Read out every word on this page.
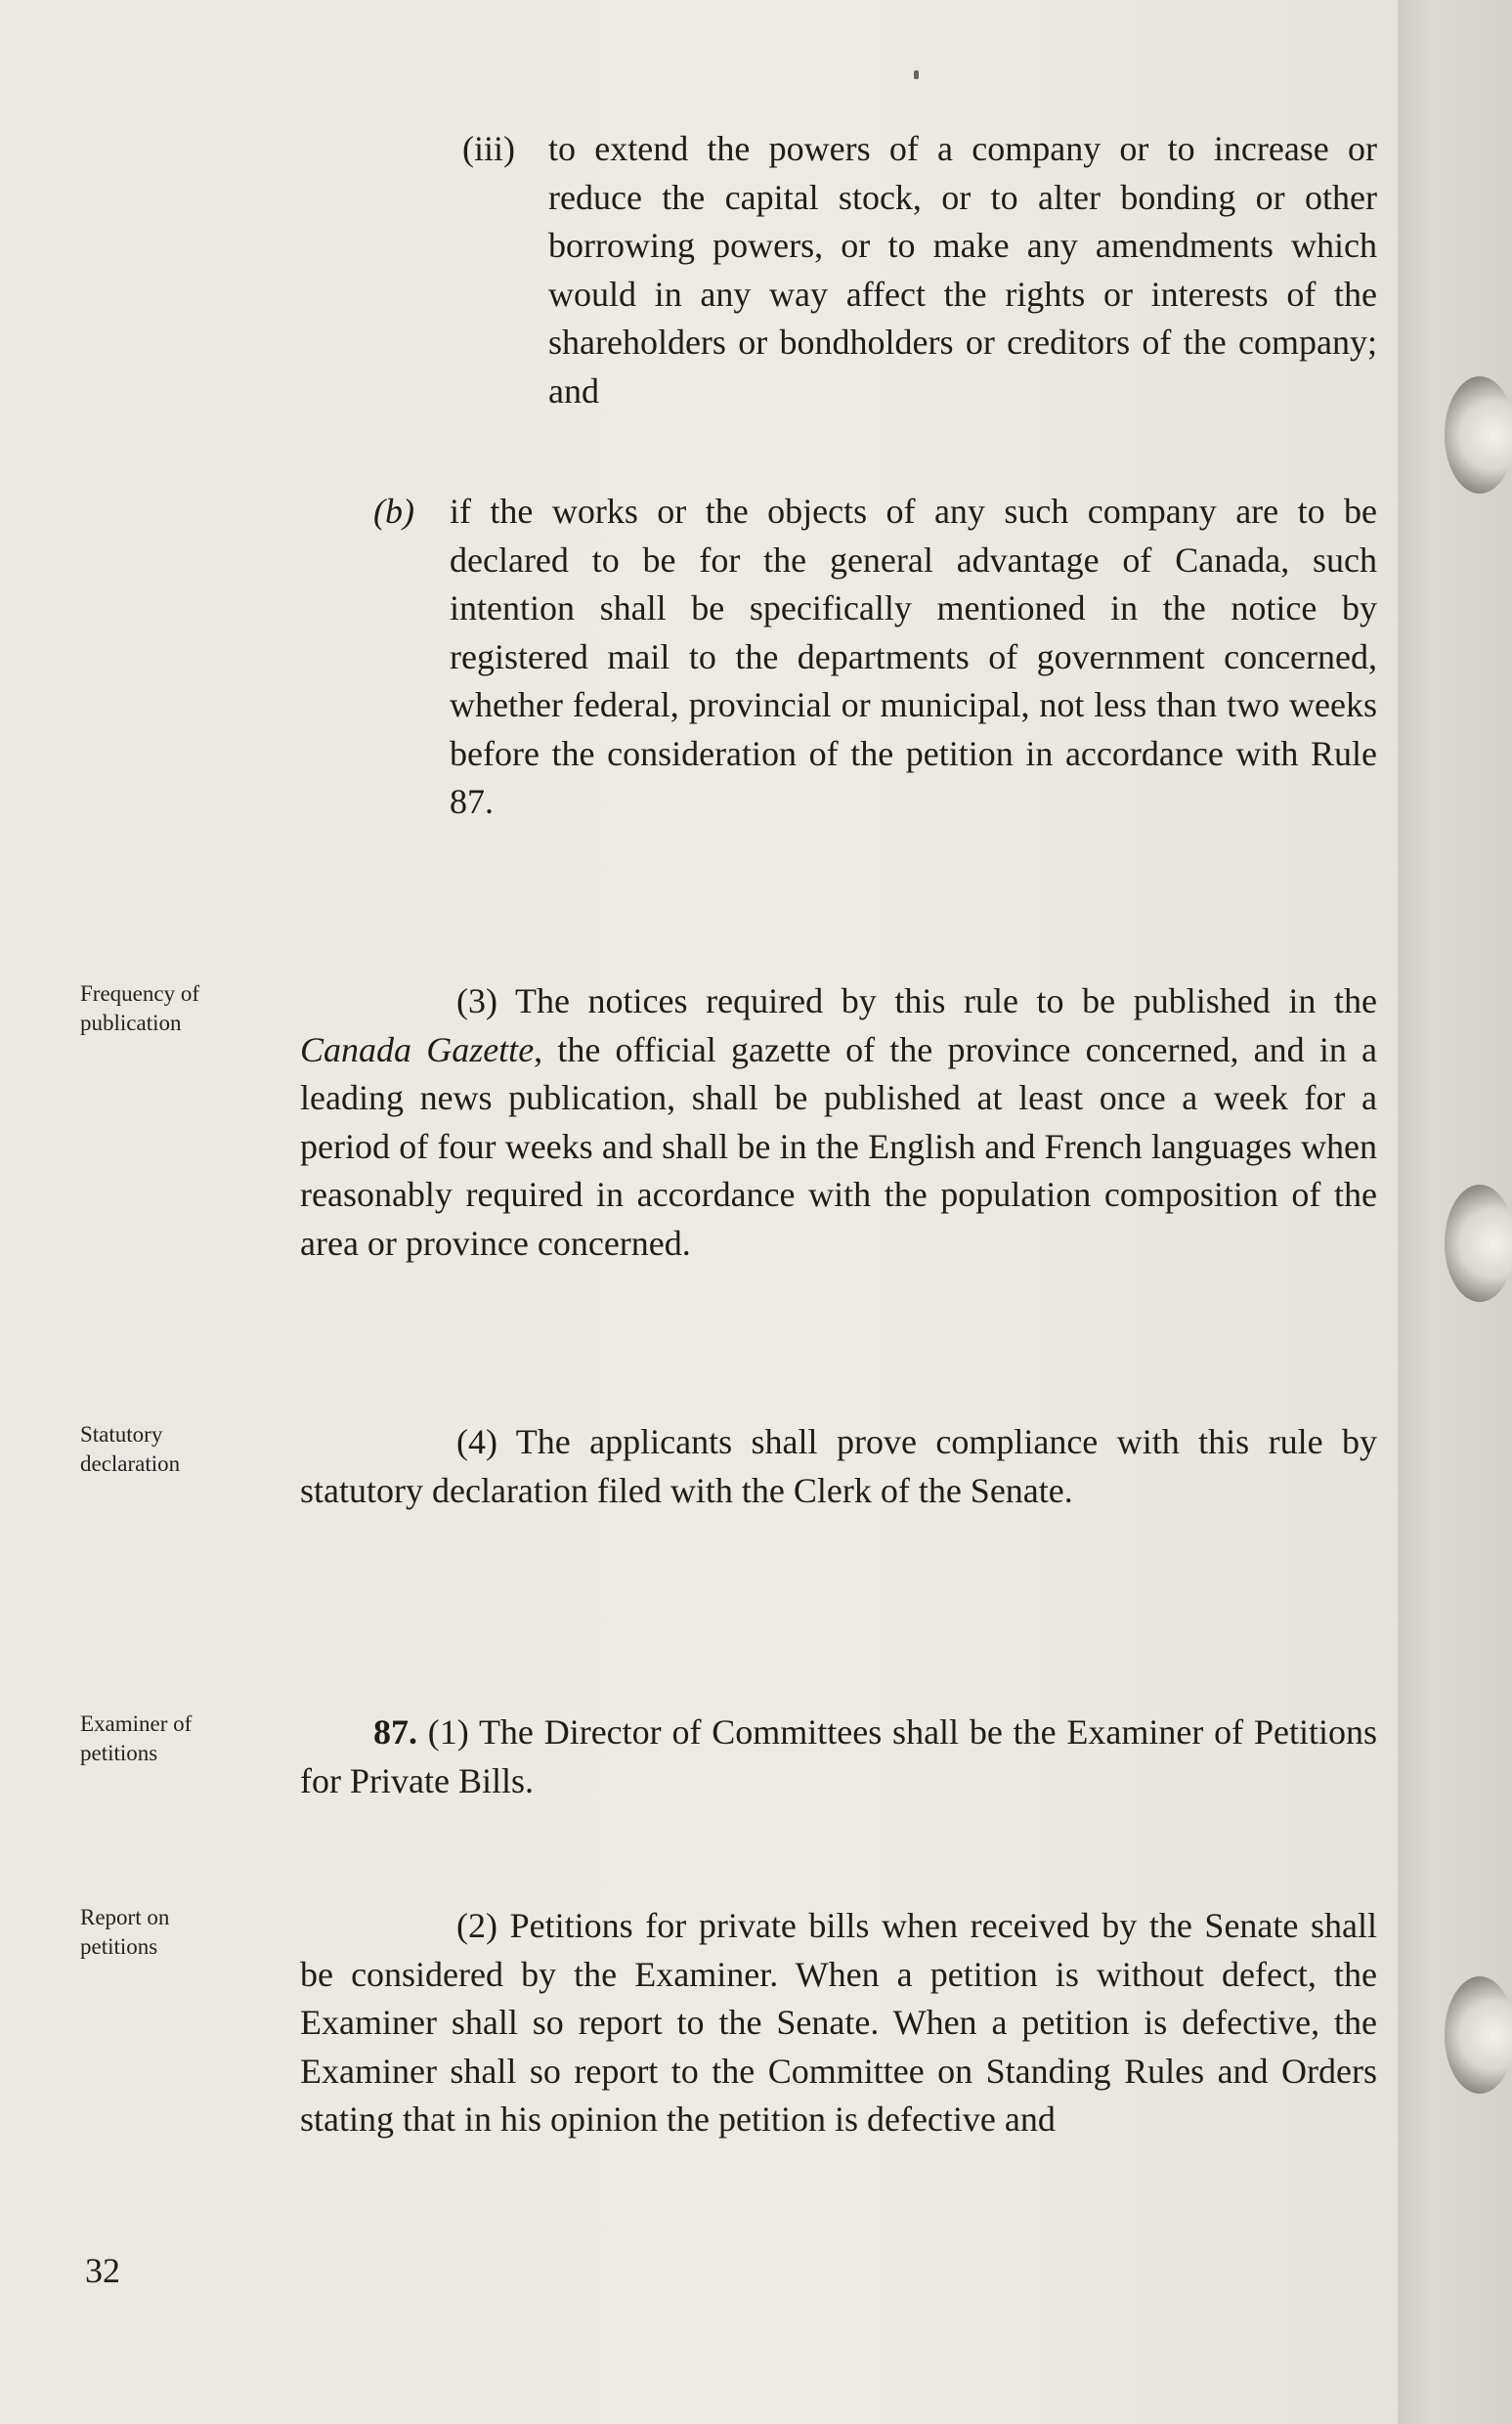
(iii) to extend the powers of a company or to increase or reduce the capital stock, or to alter bonding or other borrowing powers, or to make any amendments which would in any way affect the rights or interests of the shareholders or bondholders or creditors of the company; and
(b) if the works or the objects of any such company are to be declared to be for the general advantage of Canada, such intention shall be specifically mentioned in the notice by registered mail to the departments of government concerned, whether federal, provincial or municipal, not less than two weeks before the consideration of the petition in accordance with Rule 87.
Frequency of publication
(3) The notices required by this rule to be published in the Canada Gazette, the official gazette of the province concerned, and in a leading news publication, shall be published at least once a week for a period of four weeks and shall be in the English and French languages when reasonably required in accordance with the population composition of the area or province concerned.
Statutory declaration
(4) The applicants shall prove compliance with this rule by statutory declaration filed with the Clerk of the Senate.
Examiner of petitions
87. (1) The Director of Committees shall be the Examiner of Petitions for Private Bills.
Report on petitions
(2) Petitions for private bills when received by the Senate shall be considered by the Examiner. When a petition is without defect, the Examiner shall so report to the Senate. When a petition is defective, the Examiner shall so report to the Committee on Standing Rules and Orders stating that in his opinion the petition is defective and
32
